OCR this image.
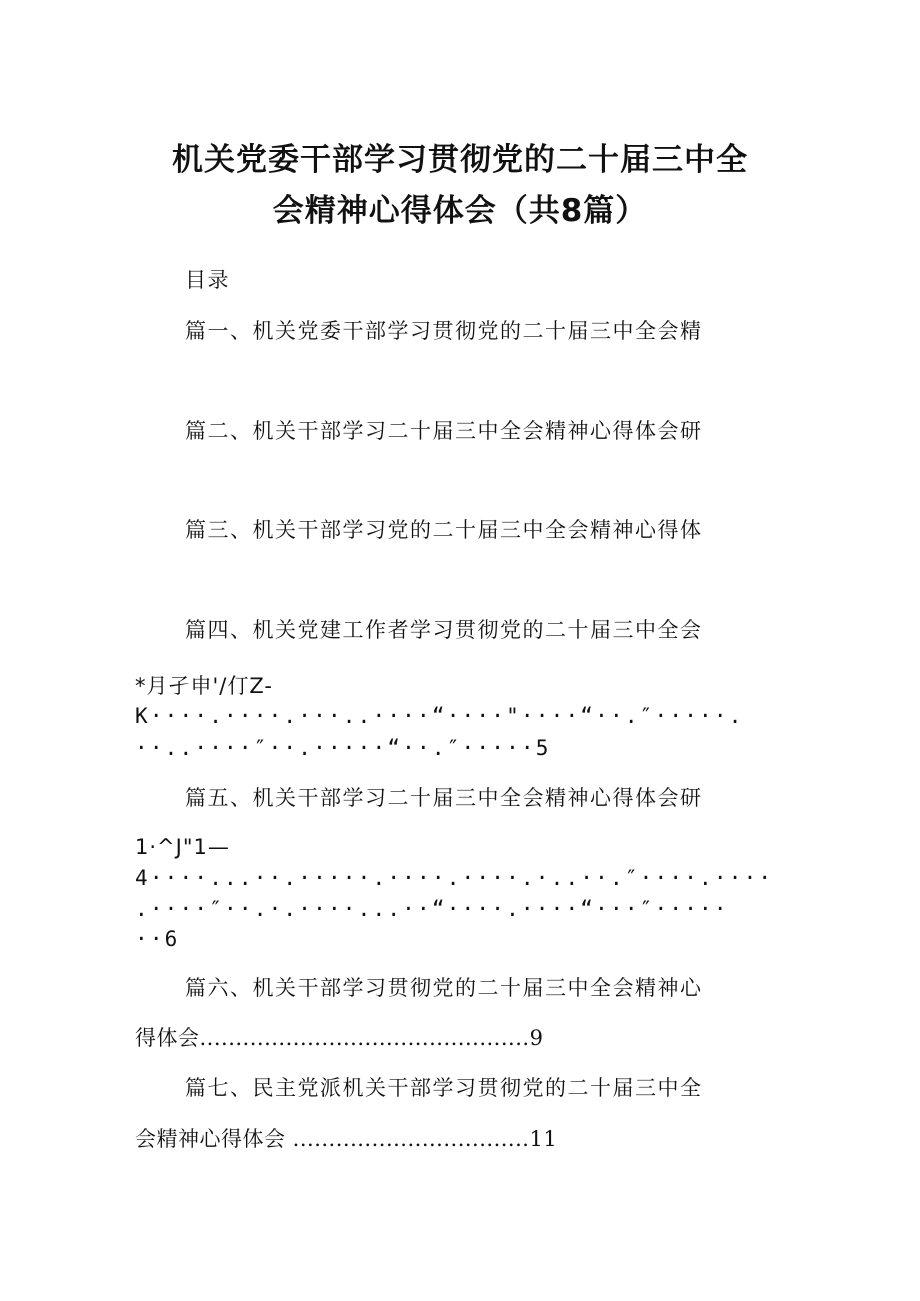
机关党委干部学习贯彻党的二十届三中全
会精神心得体会（共8篇）
目录
篇一、机关党委干部学习贯彻党的二十届三中全会精
篇二、机关干部学习二十届三中全会精神心得体会研
篇三、机关干部学习党的二十届三中全会精神心得体
篇四、机关党建工作者学习贯彻党的二十届三中全会
*月孑申'/仃Z-
K····.····.···..····“····"····“··.″·····.
··..····″··.·····“··.″·····5
篇五、机关干部学习二十届三中全会精神心得体会研
1·^J"1—
4····...··.·····.····.····.·..··.″····.····
.····″··.·.····...··“····.····“···″·····
··6
篇六、机关干部学习贯彻党的二十届三中全会精神心
得体会..............................................9
篇七、民主党派机关干部学习贯彻党的二十届三中全
会精神心得体会 .................................11
